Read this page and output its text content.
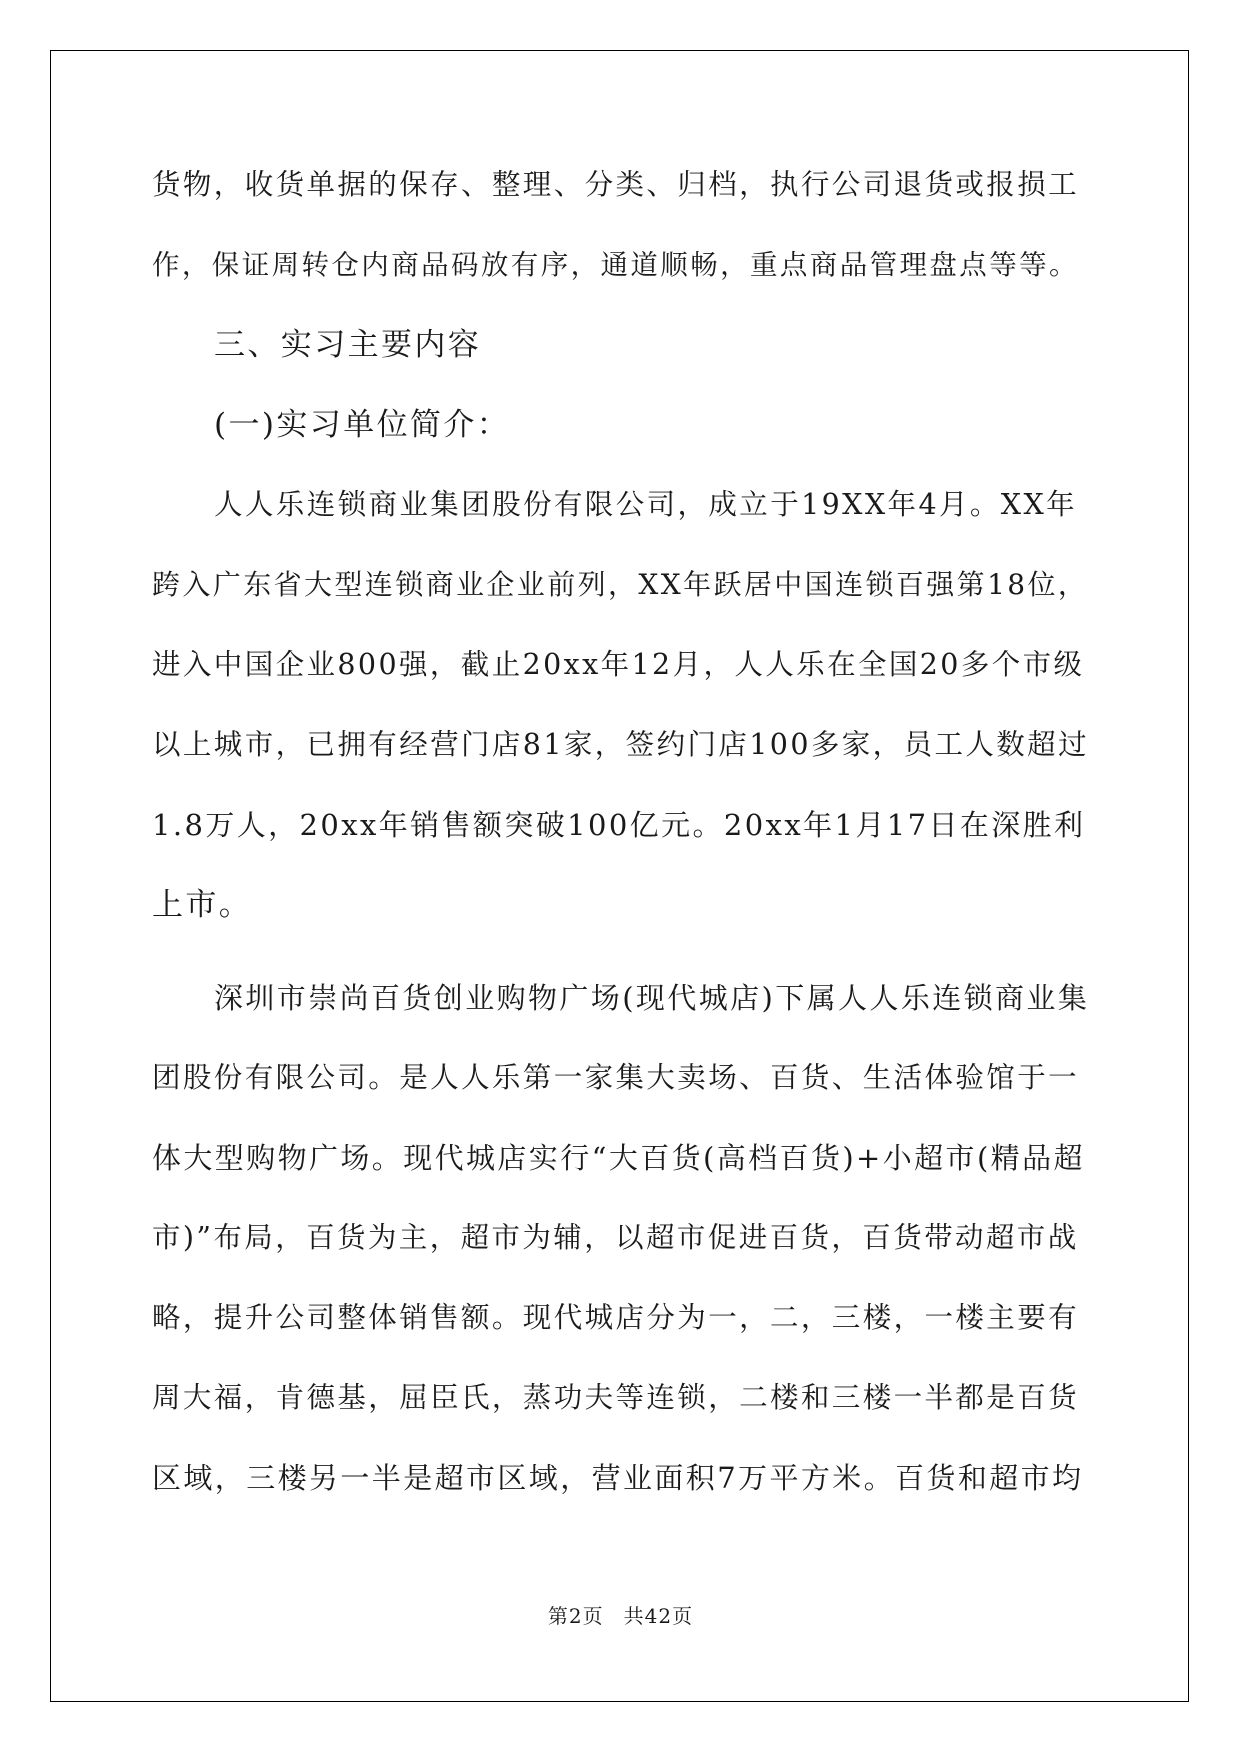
货物，收货单据的保存、整理、分类、归档，执行公司退货或报损工
作，保证周转仓内商品码放有序，通道顺畅，重点商品管理盘点等等。
三、实习主要内容
(一)实习单位简介：
人人乐连锁商业集团股份有限公司，成立于19XX年4月。XX年
跨入广东省大型连锁商业企业前列，XX年跃居中国连锁百强第18位，
进入中国企业800强，截止20xx年12月，人人乐在全国20多个市级
以上城市，已拥有经营门店81家，签约门店100多家，员工人数超过
1.8万人，20xx年销售额突破100亿元。20xx年1月17日在深胜利
上市。
深圳市崇尚百货创业购物广场(现代城店)下属人人乐连锁商业集
团股份有限公司。是人人乐第一家集大卖场、百货、生活体验馆于一
体大型购物广场。现代城店实行“大百货(高档百货)+小超市(精品超
市)”布局，百货为主，超市为辅，以超市促进百货，百货带动超市战
略，提升公司整体销售额。现代城店分为一，二，三楼，一楼主要有
周大福，肯德基，屈臣氏，蒸功夫等连锁，二楼和三楼一半都是百货
区域，三楼另一半是超市区域，营业面积7万平方米。百货和超市均
第2页 共42页
